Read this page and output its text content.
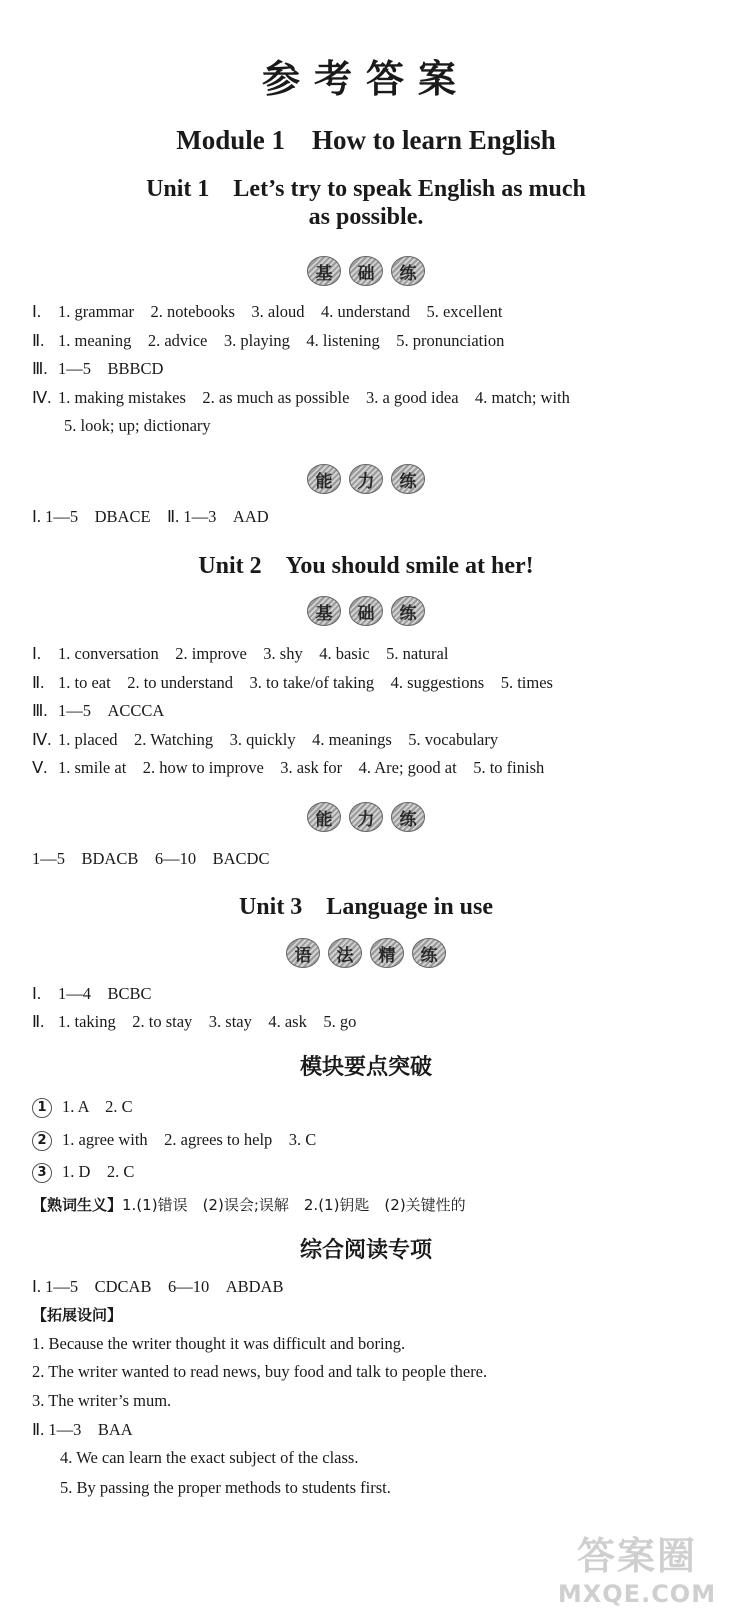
参考答案
Module 1　How to learn English
Unit 1　Let’s try to speak English as much
as possible.
基	础	练
Ⅰ. 1. grammar　2. notebooks　3. aloud　4. understand　5. excellent
Ⅱ. 1. meaning　2. advice　3. playing　4. listening　5. pronunciation
Ⅲ. 1—5　BBBCD
Ⅳ. 1. making mistakes　2. as much as possible　3. a good idea　4. match; with
5. look; up; dictionary
能	力	练
Ⅰ. 1—5　DBACE　Ⅱ. 1—3　AAD
Unit 2　You should smile at her!
基	础	练
Ⅰ. 1. conversation　2. improve　3. shy　4. basic　5. natural
Ⅱ. 1. to eat　2. to understand　3. to take/of taking　4. suggestions　5. times
Ⅲ. 1—5　ACCCA
Ⅳ. 1. placed　2. Watching　3. quickly　4. meanings　5. vocabulary
Ⅴ. 1. smile at　2. how to improve　3. ask for　4. Are; good at　5. to finish
能	力	练
1—5　BDACB　6—10　BACDC
Unit 3　Language in use
语	法	精	练
Ⅰ. 1—4　BCBC
Ⅱ. 1. taking　2. to stay　3. stay　4. ask　5. go
模块要点突破
1 1. A　2. C
2 1. agree with　2. agrees to help　3. C
3 1. D　2. C
【熟词生义】1.(1)错误　(2)误会;误解　2.(1)钥匙　(2)关键性的
综合阅读专项
Ⅰ. 1—5　CDCAB　6—10　ABDAB
【拓展设问】
1. Because the writer thought it was difficult and boring.
2. The writer wanted to read news, buy food and talk to people there.
3. The writer’s mum.
Ⅱ. 1—3　BAA
4. We can learn the exact subject of the class.
5. By passing the proper methods to students first.
答案圈
MXQE.COM
